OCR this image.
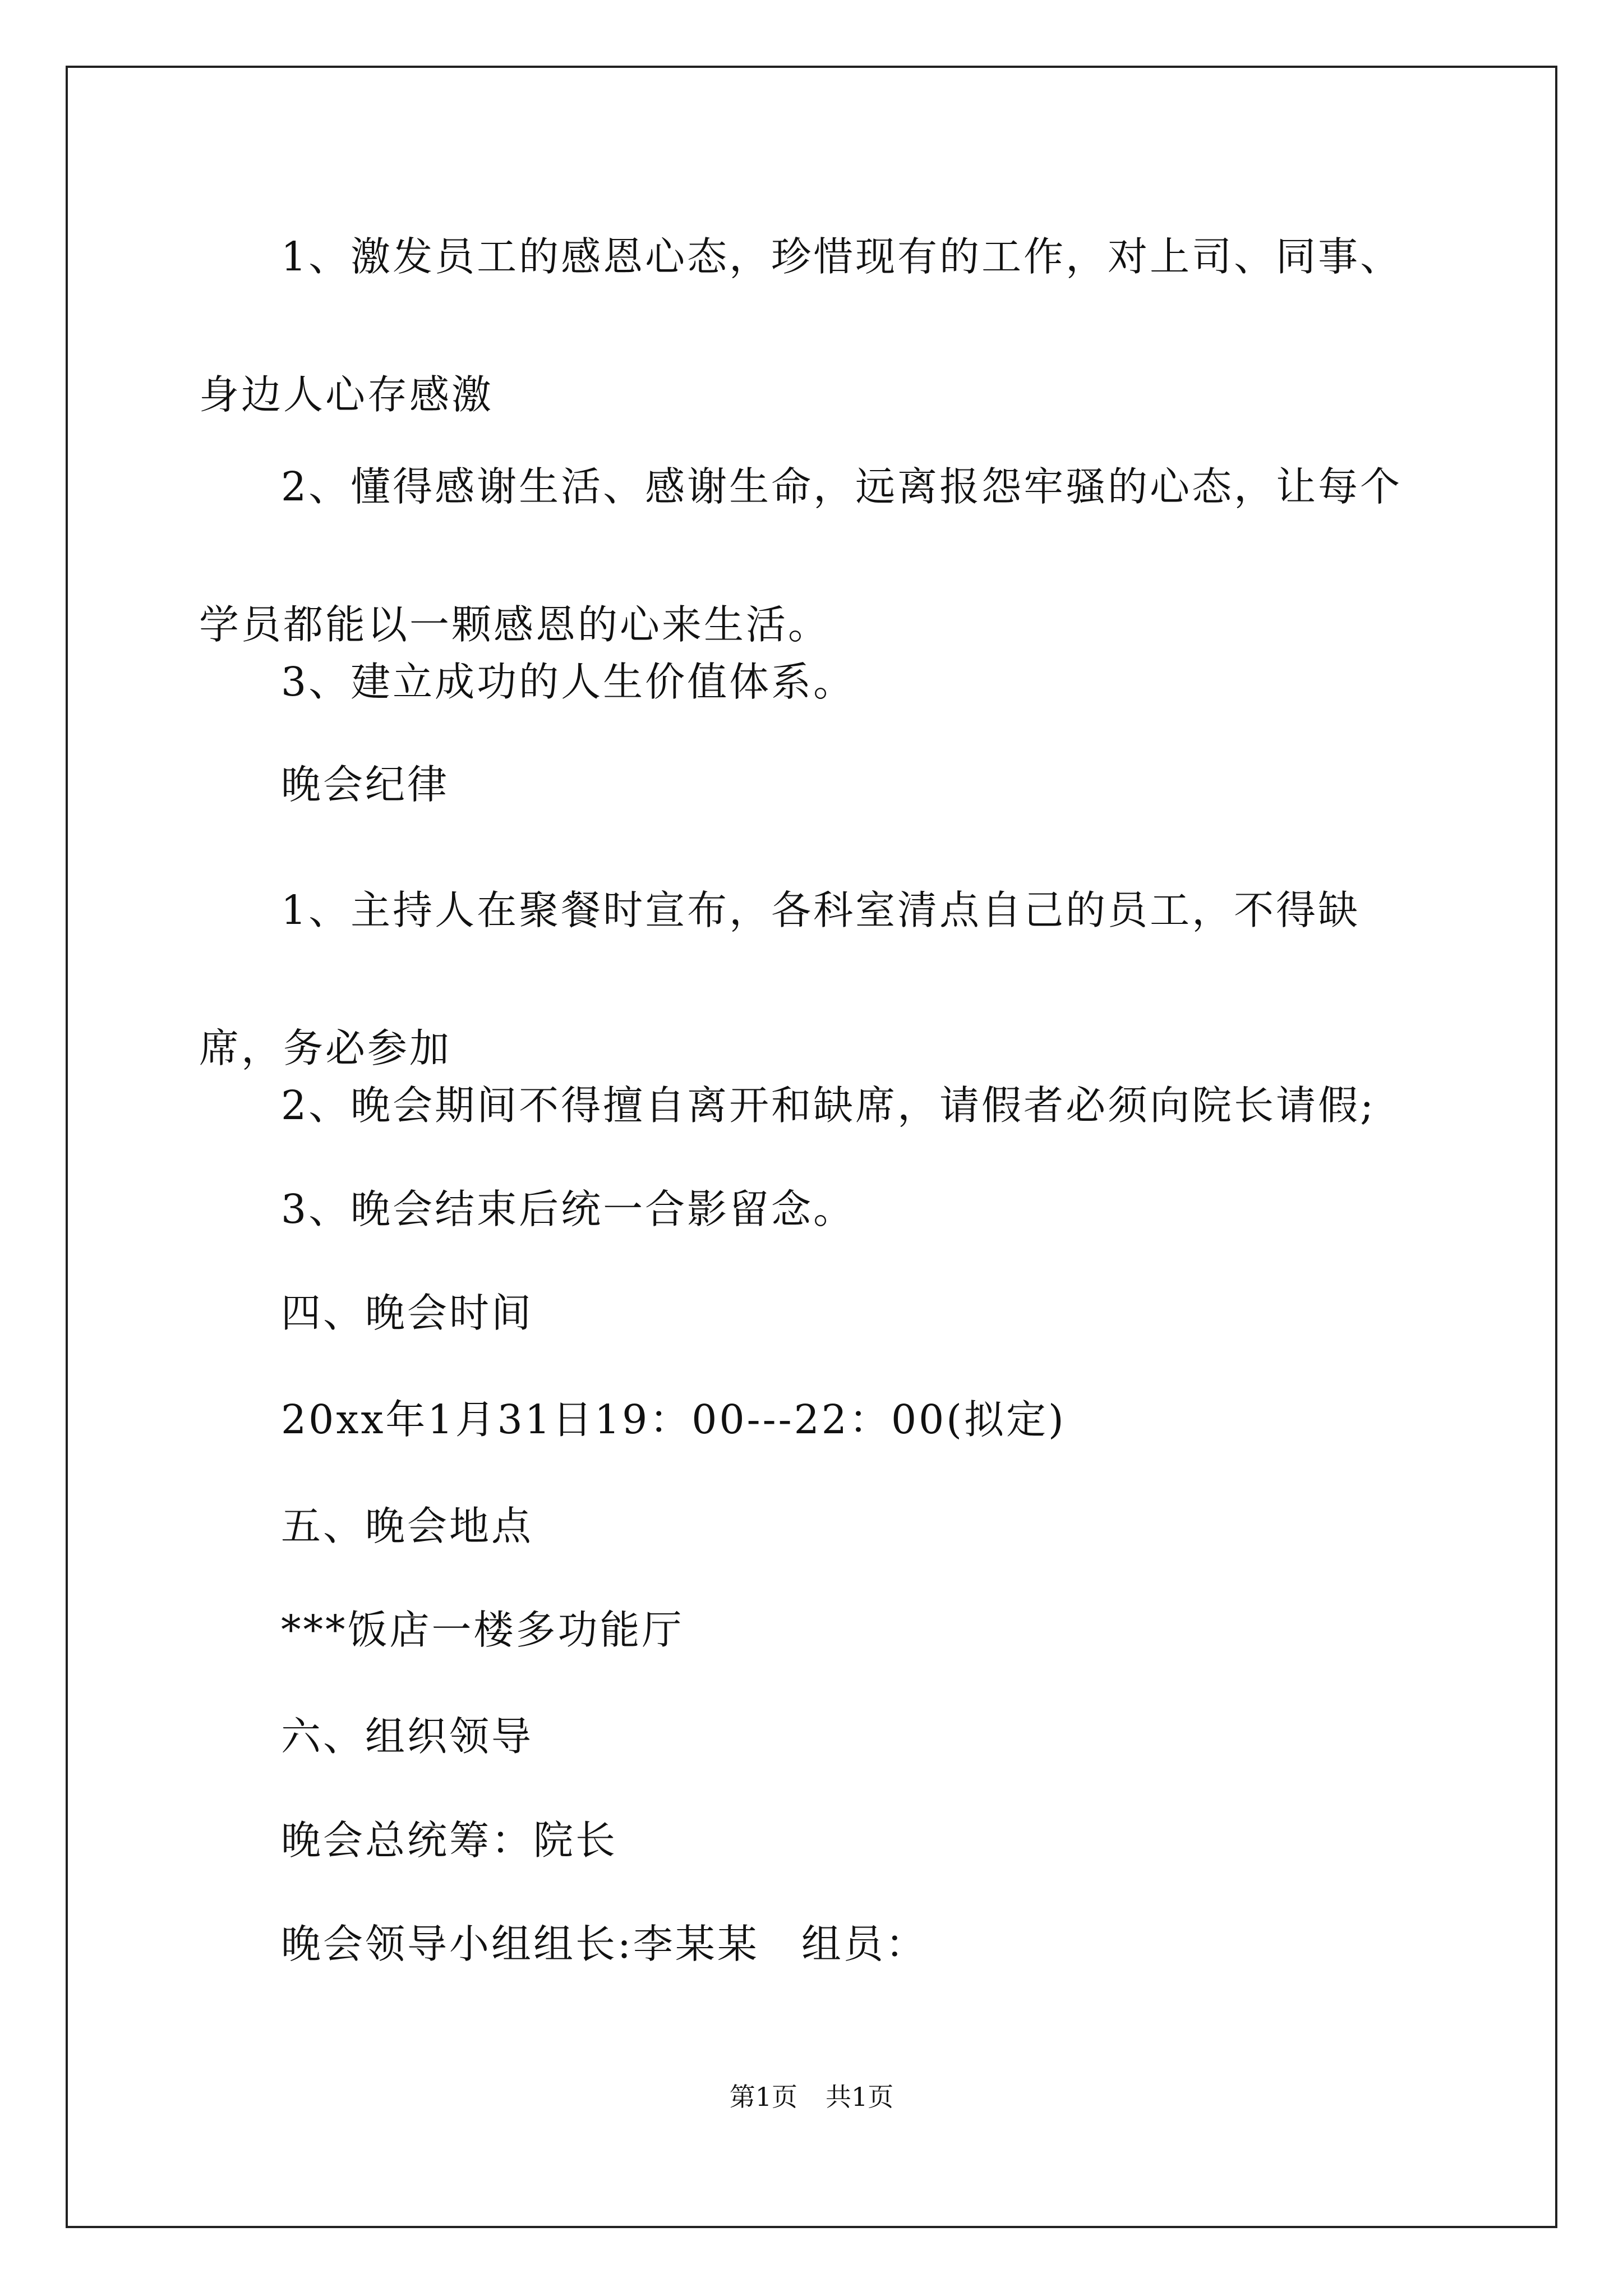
1、激发员工的感恩心态，珍惜现有的工作，对上司、同事、身边人心存感激
2、懂得感谢生活、感谢生命，远离报怨牢骚的心态，让每个学员都能以一颗感恩的心来生活。
3、建立成功的人生价值体系。
晚会纪律
1、主持人在聚餐时宣布，各科室清点自己的员工，不得缺席，务必参加
2、晚会期间不得擅自离开和缺席，请假者必须向院长请假;
3、晚会结束后统一合影留念。
四、晚会时间
20xx年1月31日19：00---22：00(拟定)
五、晚会地点
***饭店一楼多功能厅
六、组织领导
晚会总统筹：院长
晚会领导小组组长:李某某　组员：
第1页 共1页
